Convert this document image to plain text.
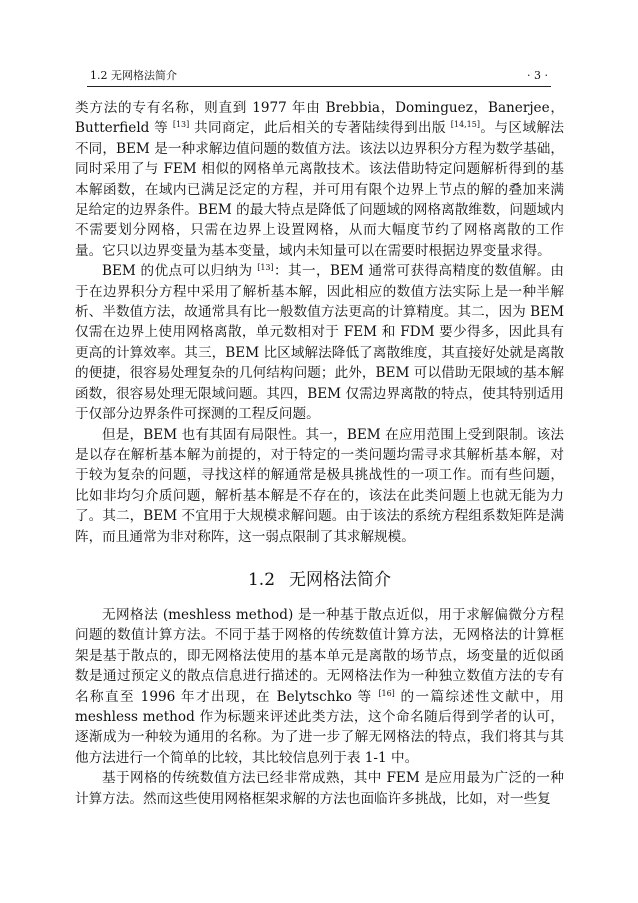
1.2 无网格法简介	· 3 ·

类方法的专有名称，则直到 1977 年由 Brebbia，Dominguez，Banerjee，Butterfield 等 [13] 共同商定，此后相关的专著陆续得到出版 [14,15]。与区域解法不同，BEM 是一种求解边值问题的数值方法。该法以边界积分方程为数学基础，同时采用了与 FEM 相似的网格单元离散技术。该法借助特定问题解析得到的基本解函数，在域内已满足泛定的方程，并可用有限个边界上节点的解的叠加来满足给定的边界条件。BEM 的最大特点是降低了问题域的网格离散维数，问题域内不需要划分网格，只需在边界上设置网格，从而大幅度节约了网格离散的工作量。它只以边界变量为基本变量，域内未知量可以在需要时根据边界变量求得。

BEM 的优点可以归纳为 [13]：其一，BEM 通常可获得高精度的数值解。由于在边界积分方程中采用了解析基本解，因此相应的数值方法实际上是一种半解析、半数值方法，故通常具有比一般数值方法更高的计算精度。其二，因为 BEM 仅需在边界上使用网格离散，单元数相对于 FEM 和 FDM 要少得多，因此具有更高的计算效率。其三，BEM 比区域解法降低了离散维度，其直接好处就是离散的便捷，很容易处理复杂的几何结构问题；此外，BEM 可以借助无限域的基本解函数，很容易处理无限域问题。其四，BEM 仅需边界离散的特点，使其特别适用于仅部分边界条件可探测的工程反问题。

但是，BEM 也有其固有局限性。其一，BEM 在应用范围上受到限制。该法是以存在解析基本解为前提的，对于特定的一类问题均需寻求其解析基本解，对于较为复杂的问题，寻找这样的解通常是极具挑战性的一项工作。而有些问题，比如非均匀介质问题，解析基本解是不存在的，该法在此类问题上也就无能为力了。其二，BEM 不宜用于大规模求解问题。由于该法的系统方程组系数矩阵是满阵，而且通常为非对称阵，这一弱点限制了其求解规模。

1.2 无网格法简介

无网格法 (meshless method) 是一种基于散点近似，用于求解偏微分方程问题的数值计算方法。不同于基于网格的传统数值计算方法，无网格法的计算框架是基于散点的，即无网格法使用的基本单元是离散的场节点，场变量的近似函数是通过预定义的散点信息进行描述的。无网格法作为一种独立数值方法的专有名称直至 1996 年才出现，在 Belytschko 等 [16] 的一篇综述性文献中，用 meshless method 作为标题来评述此类方法，这个命名随后得到学者的认可，逐渐成为一种较为通用的名称。为了进一步了解无网格法的特点，我们将其与其他方法进行一个简单的比较，其比较信息列于表 1-1 中。

基于网格的传统数值方法已经非常成熟，其中 FEM 是应用最为广泛的一种计算方法。然而这些使用网格框架求解的方法也面临许多挑战，比如，对一些复
